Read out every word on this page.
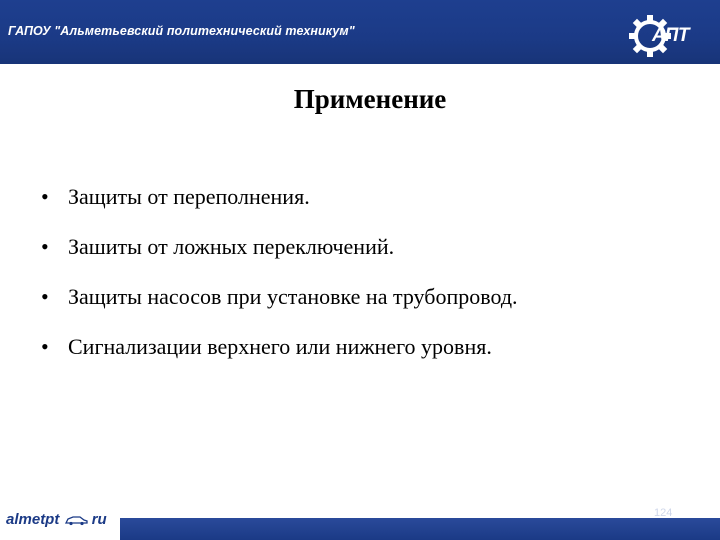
ГАПОУ "Альметьевский политехнический техникум"	АПТ
Применение
• Защиты от переполнения.
• Зашиты от ложных переключений.
• Защиты насосов при установке на трубопровод.
• Сигнализации верхнего или нижнего уровня.
almetpt ru	124
